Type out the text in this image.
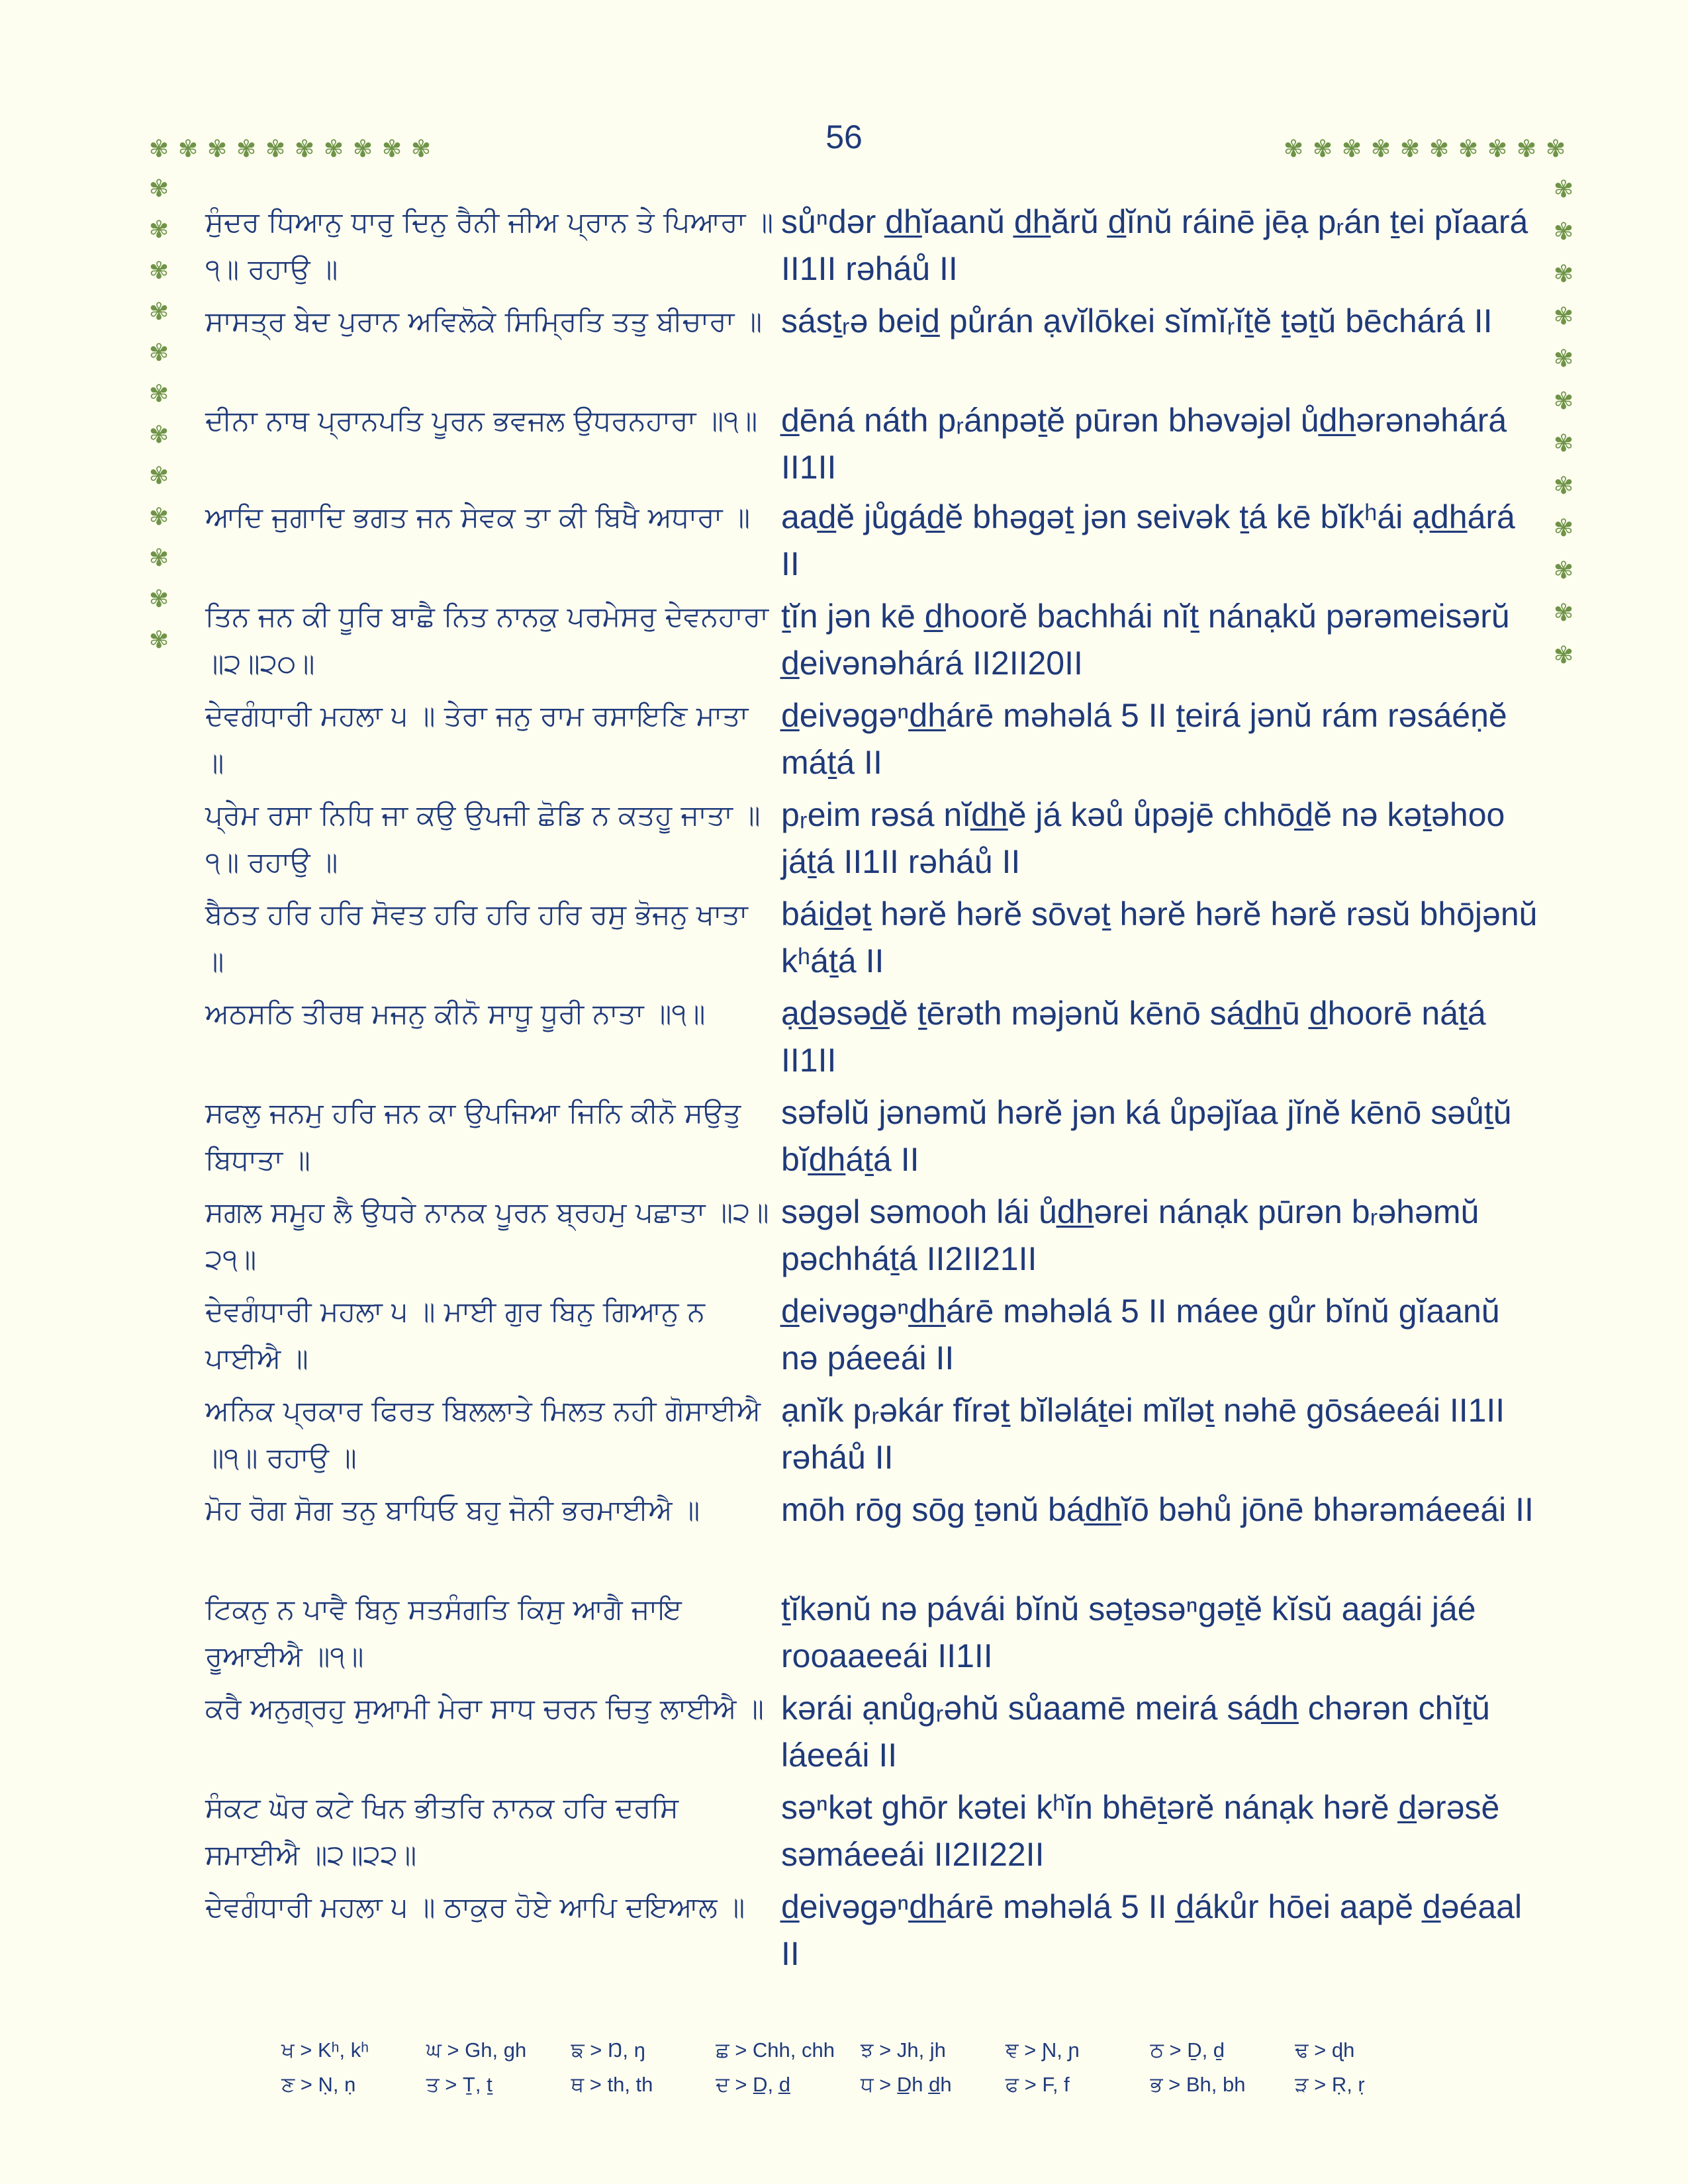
56
✾ ✾ ✾ ✾ ✾ ✾ ✾ ✾ ✾ ✾	✾ ✾ ✾ ✾ ✾ ✾ ✾ ✾ ✾ ✾
✾
✾
✾
✾
✾
✾
✾
✾
✾
✾
✾
✾
✾
✾
✾
✾
✾
✾
✾
✾
✾
✾
✾
✾
ਸੁੰਦਰ ਧਿਆਨੁ ਧਾਰੁ ਦਿਨੁ ਰੈਨੀ ਜੀਅ ਪ੍ਰਾਨ ਤੇ ਪਿਆਰਾ ॥੧॥ ਰਹਾਉ ॥
sůⁿdər d̲h̲ĭaanŭ d̲h̲ărŭ d̲ĭnŭ ráinē jēạ pᵣán ṯei pĭaará II1II rəháů II
ਸਾਸਤ੍ਰ ਬੇਦ ਪੁਰਾਨ ਅਵਿਲੋਕੇ ਸਿਮ੍ਰਿਤਿ ਤਤੁ ਬੀਚਾਰਾ ॥ sásṯᵣə beid̲ půrán ạvĭlōkei sĭmĭᵣĭṯĕ ṯəṯŭ bēchárá II
ਦੀਨਾ ਨਾਥ ਪ੍ਰਾਨਪਤਿ ਪੂਰਨ ਭਵਜਲ ਉਧਰਨਹਾਰਾ ॥੧॥ d̲ēná náth pᵣánpəṯĕ pūrən bhəvəjəl ůd̲h̲ərənəhárá II1II
ਆਦਿ ਜੁਗਾਦਿ ਭਗਤ ਜਨ ਸੇਵਕ ਤਾ ਕੀ ਬਿਖੈ ਅਧਾਰਾ ॥ aad̲ĕ jůgád̲ĕ bhəgəṯ jən seivək ṯá kē bĭkʰái ạd̲h̲árá II
ਤਿਨ ਜਨ ਕੀ ਧੂਰਿ ਬਾਛੈ ਨਿਤ ਨਾਨਕੁ ਪਰਮੇਸਰੁ ਦੇਵਨਹਾਰਾ ॥੨॥੨੦॥
ṯĭn jən kē d̲hoorĕ bachhái nĭṯ nánạkŭ pərəmeisərŭ d̲eivənəhárá II2II20II
ਦੇਵਗੰਧਾਰੀ ਮਹਲਾ ੫ ॥ ਤੇਰਾ ਜਨੁ ਰਾਮ ਰਸਾਇਣਿ ਮਾਤਾ ॥
d̲eivəgəⁿd̲h̲árē məhəlá 5 II ṯeirá jənŭ rám rəsáéṇĕ máṯá II
ਪ੍ਰੇਮ ਰਸਾ ਨਿਧਿ ਜਾ ਕਉ ਉਪਜੀ ਛੋਡਿ ਨ ਕਤਹੂ ਜਾਤਾ ॥੧॥ ਰਹਾਉ ॥
pᵣeim rəsá nĭd̲h̲ĕ já kəů ůpəjē chhōd̲ĕ nə kəṯəhoo jáṯá II1II rəháů II
ਬੈਠਤ ਹਰਿ ਹਰਿ ਸੋਵਤ ਹਰਿ ਹਰਿ ਹਰਿ ਰਸੁ ਭੋਜਨੁ ਖਾਤਾ ॥
báid̲əṯ hərĕ hərĕ sōvəṯ hərĕ hərĕ hərĕ rəsŭ bhōjənŭ kʰáṯá II
ਅਠਸਠਿ ਤੀਰਥ ਮਜਨੁ ਕੀਨੋ ਸਾਧੂ ਧੂਰੀ ਨਾਤਾ ॥੧॥	ạd̲əsəd̲ĕ ṯērəth məjənŭ kēnō sád̲h̲ū d̲hoorē náṯá II1II
ਸਫਲੁ ਜਨਮੁ ਹਰਿ ਜਨ ਕਾ ਉਪਜਿਆ ਜਿਨਿ ਕੀਨੋ ਸਉਤੁ ਬਿਧਾਤਾ ॥
səfəlŭ jənəmŭ hərĕ jən ká ůpəjĭaa jĭnĕ kēnō səůṯŭ bĭd̲h̲áṯá II
ਸਗਲ ਸਮੂਹ ਲੈ ਉਧਰੇ ਨਾਨਕ ਪੂਰਨ ਬ੍ਰਹਮੁ ਪਛਾਤਾ ॥੨॥੨੧॥
səgəl səmooh lái ůd̲h̲ərei nánạk pūrən bᵣəhəmŭ pəchháṯá II2II21II
ਦੇਵਗੰਧਾਰੀ ਮਹਲਾ ੫ ॥ ਮਾਈ ਗੁਰ ਬਿਨੁ ਗਿਆਨੁ ਨ ਪਾਈਐ ॥
d̲eivəgəⁿd̲h̲árē məhəlá 5 II máee gůr bĭnŭ gĭaanŭ nə páeeái II
ਅਨਿਕ ਪ੍ਰਕਾਰ ਫਿਰਤ ਬਿਲਲਾਤੇ ਮਿਲਤ ਨਹੀ ਗੋਸਾਈਐ ॥੧॥ ਰਹਾਉ ॥
ạnĭk pᵣəkár fĭrəṯ bĭləláṯei mĭləṯ nəhē gōsáeeái II1II rəháů II
ਮੋਹ ਰੋਗ ਸੋਗ ਤਨੁ ਬਾਧਿਓ ਬਹੁ ਜੋਨੀ ਭਰਮਾਈਐ ॥	mōh rōg sōg ṯənŭ bád̲h̲ĭō bəhů jōnē bhərəmáeeái II
ਟਿਕਨੁ ਨ ਪਾਵੈ ਬਿਨੁ ਸਤਸੰਗਤਿ ਕਿਸੁ ਆਗੈ ਜਾਇ ਰੂਆਈਐ ॥੧॥
ṯĭkənŭ nə pávái bĭnŭ səṯəsəⁿgəṯĕ kĭsŭ aagái jáé rooaaeeái II1II
ਕਰੈ ਅਨੁਗ੍ਰਹੁ ਸੁਆਮੀ ਮੇਰਾ ਸਾਧ ਚਰਨ ਚਿਤੁ ਲਾਈਐ ॥ kərái ạnůgᵣəhŭ sůaamē meirá sád̲h̲ chərən chĭṯŭ láeeái II
ਸੰਕਟ ਘੋਰ ਕਟੇ ਖਿਨ ਭੀਤਰਿ ਨਾਨਕ ਹਰਿ ਦਰਸਿ ਸਮਾਈਐ ॥੨॥੨੨॥
səⁿkət ghōr kətei kʰĭn bhēṯərĕ nánạk hərĕ d̲ərəsĕ səmáeeái II2II22II
ਦੇਵਗੰਧਾਰੀ ਮਹਲਾ ੫ ॥ ਠਾਕੁਰ ਹੋਏ ਆਪਿ ਦਇਆਲ ॥	d̲eivəgəⁿd̲h̲árē məhəlá 5 II d̲ákůr hōei aapĕ d̲əéaal II
ਖ > Kʰ, kʰ	ਘ > Gh, gh	ਙ > Ŋ, ŋ	ਛ > Chh, chh	ਝ > Jh, jh	ਞ > Ɲ, ɲ	ਠ > Ḏ, ḏ	ਢ > ɖh
ਣ > Ṇ, ṇ	ਤ > Ṯ, ṯ	ਥ > th, th	ਦ > D̲, d̲	ਧ > D̲h d̲h	ਫ > F, f	ਭ > Bh, bh	ੜ > Ṛ, ṛ
